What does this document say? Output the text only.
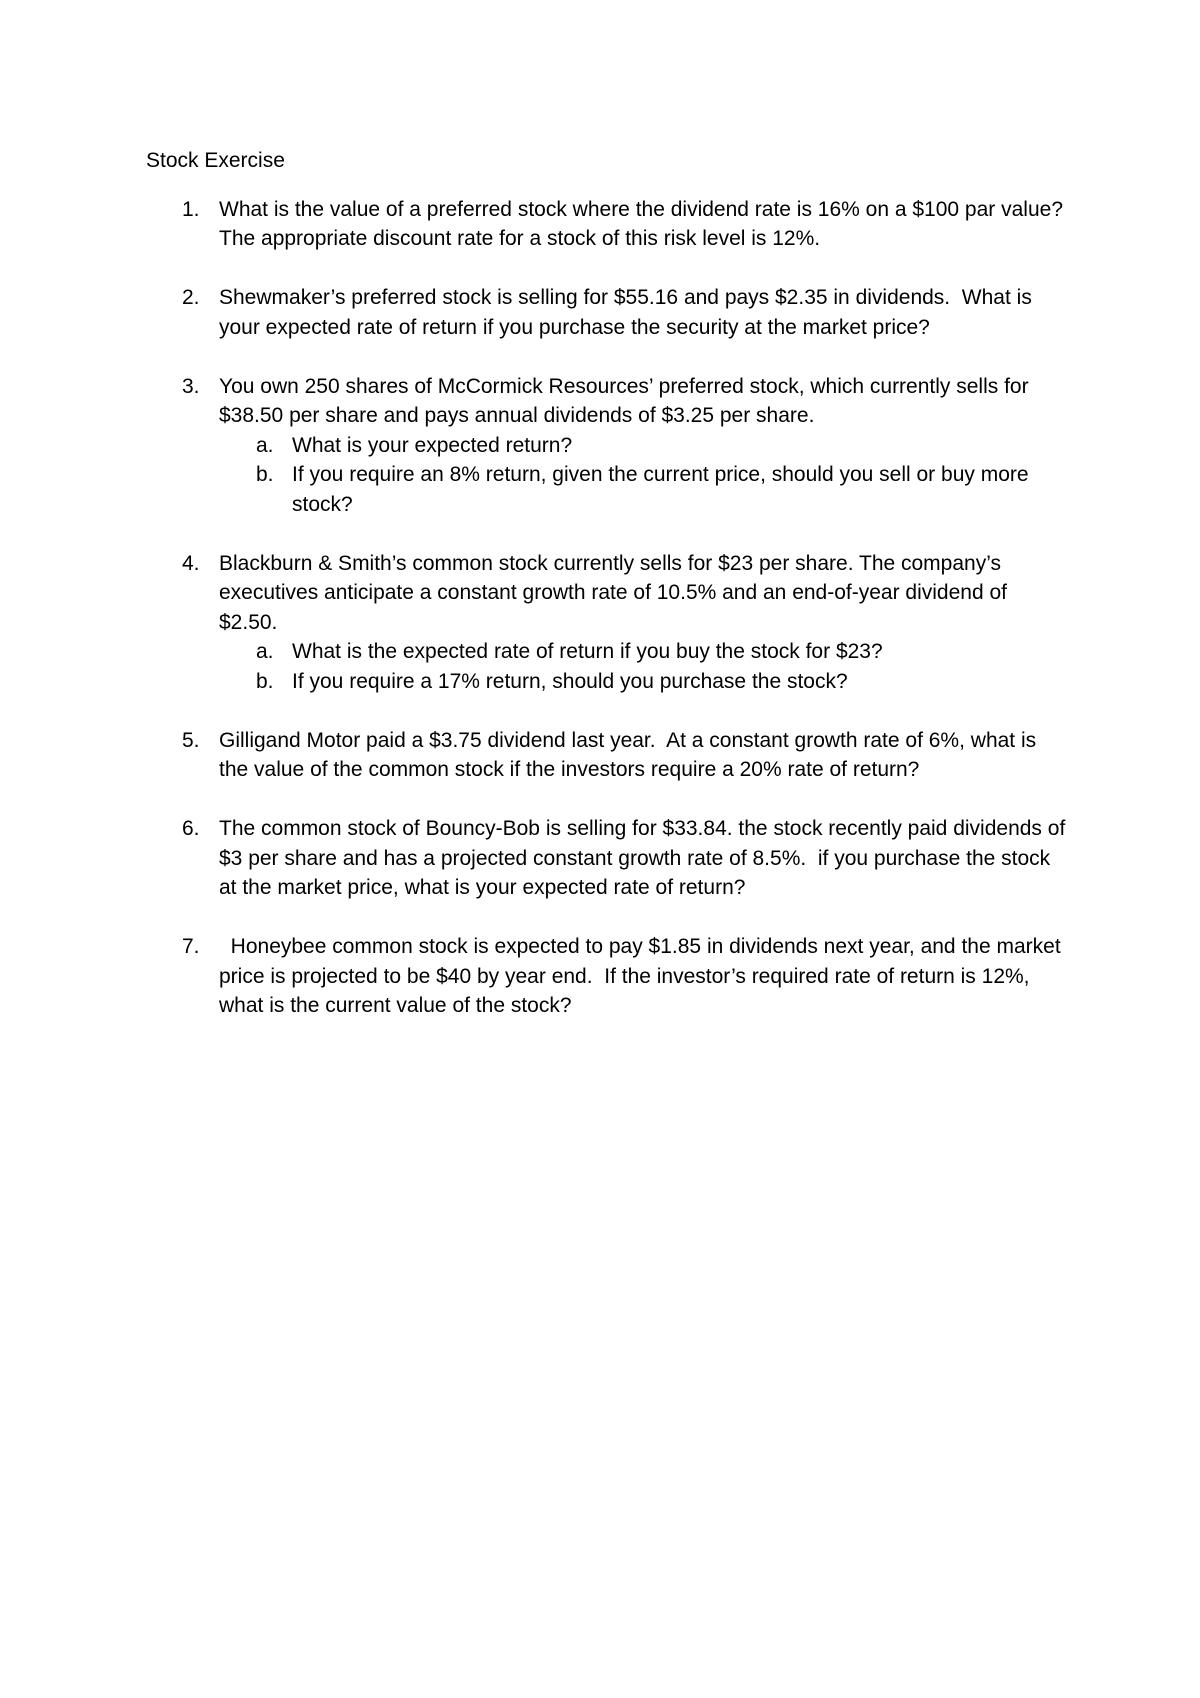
Stock Exercise
1. What is the value of a preferred stock where the dividend rate is 16% on a $100 par value? The appropriate discount rate for a stock of this risk level is 12%.
2. Shewmaker’s preferred stock is selling for $55.16 and pays $2.35 in dividends.  What is your expected rate of return if you purchase the security at the market price?
3. You own 250 shares of McCormick Resources’ preferred stock, which currently sells for $38.50 per share and pays annual dividends of $3.25 per share.
a. What is your expected return?
b. If you require an 8% return, given the current price, should you sell or buy more stock?
4. Blackburn & Smith’s common stock currently sells for $23 per share. The company’s executives anticipate a constant growth rate of 10.5% and an end-of-year dividend of $2.50.
a. What is the expected rate of return if you buy the stock for $23?
b. If you require a 17% return, should you purchase the stock?
5. Gilligand Motor paid a $3.75 dividend last year.  At a constant growth rate of 6%, what is the value of the common stock if the investors require a 20% rate of return?
6. The common stock of Bouncy-Bob is selling for $33.84. the stock recently paid dividends of $3 per share and has a projected constant growth rate of 8.5%.  if you purchase the stock at the market price, what is your expected rate of return?
7. Honeybee common stock is expected to pay $1.85 in dividends next year, and the market price is projected to be $40 by year end.  If the investor’s required rate of return is 12%, what is the current value of the stock?
